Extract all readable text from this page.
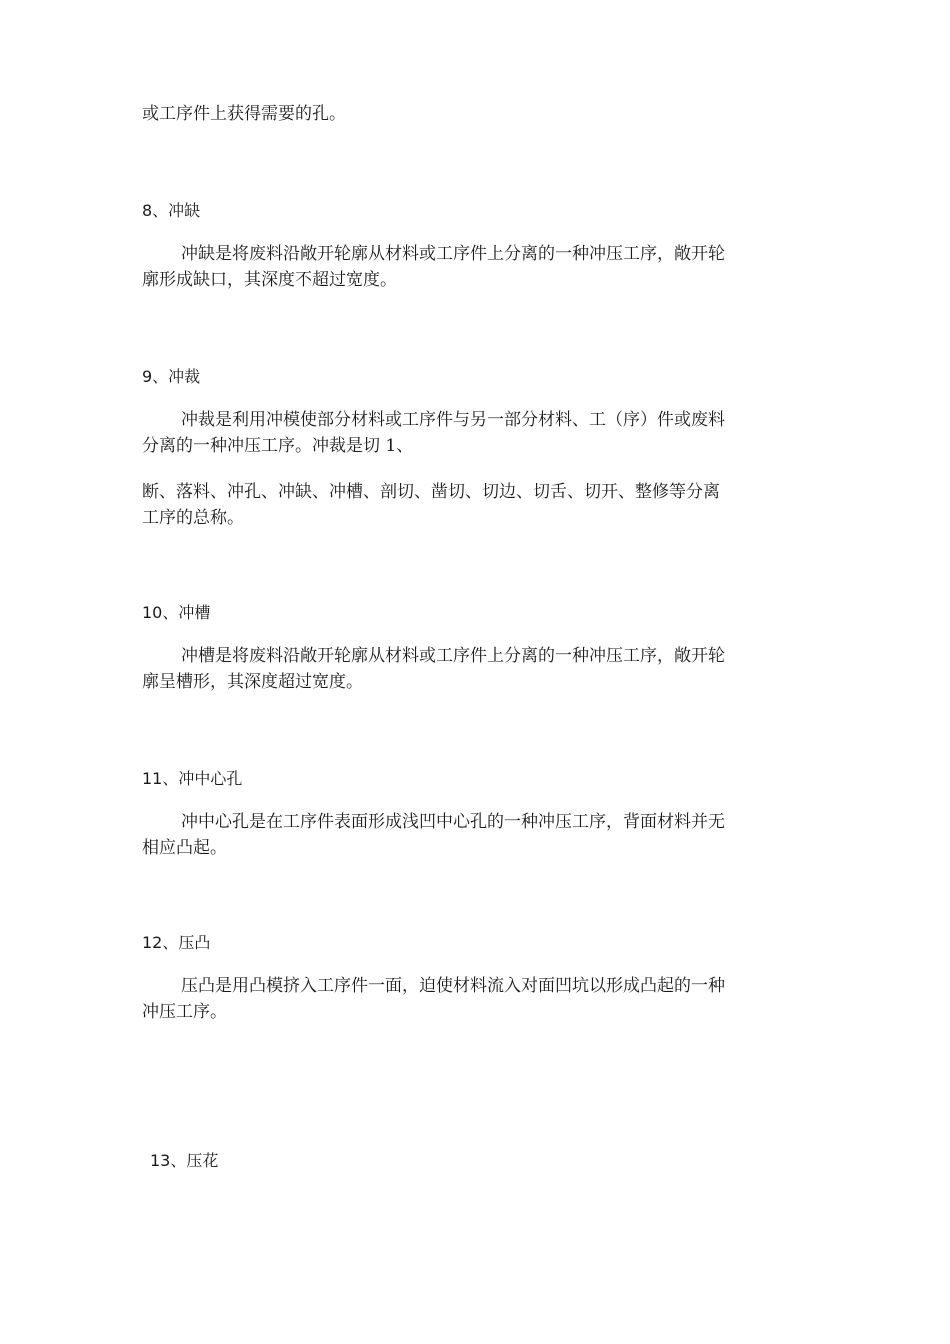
或工序件上获得需要的孔。

8、冲缺

冲缺是将废料沿敞开轮廓从材料或工序件上分离的一种冲压工序，敞开轮

廓形成缺口，其深度不超过宽度。

9、冲裁

冲裁是利用冲模使部分材料或工序件与另一部分材料、工（序）件或废料

分离的一种冲压工序。冲裁是切 1、

断、落料、冲孔、冲缺、冲槽、剖切、凿切、切边、切舌、切开、整修等分离

工序的总称。

10、冲槽

冲槽是将废料沿敞开轮廓从材料或工序件上分离的一种冲压工序，敞开轮

廓呈槽形，其深度超过宽度。

11、冲中心孔

冲中心孔是在工序件表面形成浅凹中心孔的一种冲压工序，背面材料并无

相应凸起。

12、压凸

压凸是用凸模挤入工序件一面，迫使材料流入对面凹坑以形成凸起的一种

冲压工序。

13、压花
